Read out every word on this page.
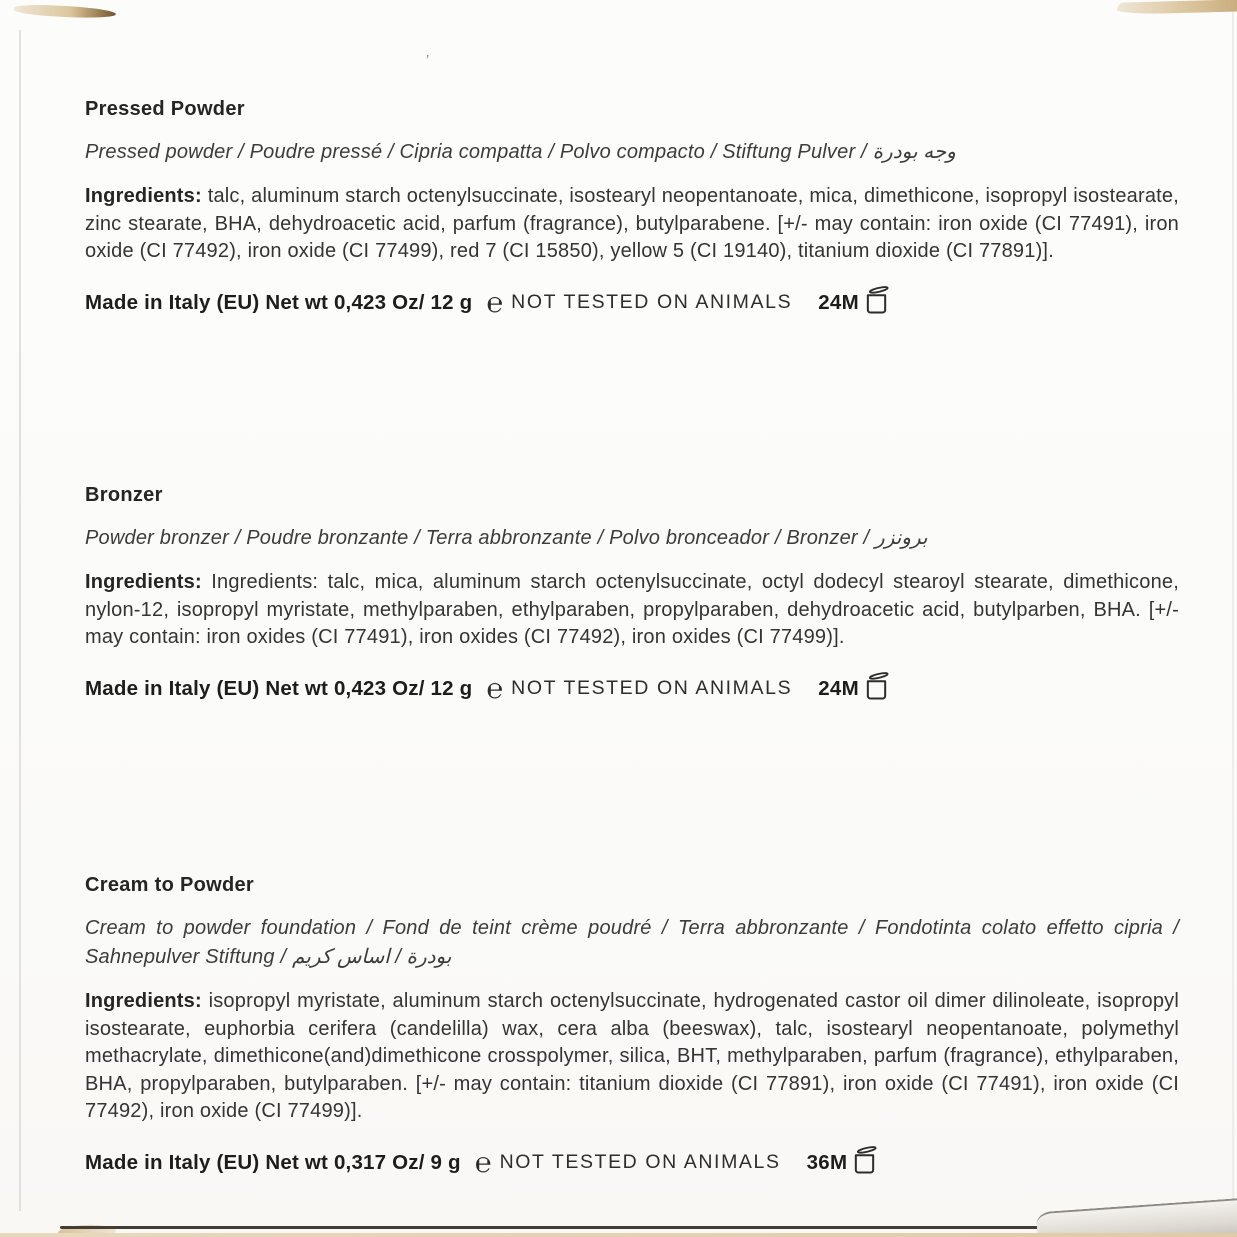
’
Pressed Powder

Pressed powder / Poudre pressé / Cipria compatta / Polvo compacto / Stiftung Pulver / بودرة‎ وجه

Ingredients: talc, aluminum starch octenylsuccinate, isostearyl neopentanoate, mica, dimethicone, isopropyl isostearate, zinc stearate, BHA, dehydroacetic acid, parfum (fragrance), butylparabene. [+/- may contain: iron oxide (CI 77491), iron oxide (CI 77492), iron oxide (CI 77499), red 7 (CI 15850), yellow 5 (CI 19140), titanium dioxide (CI 77891)].

Made in Italy (EU) Net wt 0,423 Oz/ 12 g ℮ NOT TESTED ON ANIMALS 24M

Bronzer

Powder bronzer / Poudre bronzante / Terra abbronzante / Polvo bronceador / Bronzer / برونزر

Ingredients: Ingredients: talc, mica, aluminum starch octenylsuccinate, octyl dodecyl stearoyl stearate, dimethicone, nylon-12, isopropyl myristate, methylparaben, ethylparaben, propylparaben, dehydroacetic acid, butylparben, BHA. [+/- may contain: iron oxides (CI 77491), iron oxides (CI 77492), iron oxides (CI 77499)].

Made in Italy (EU) Net wt 0,423 Oz/ 12 g ℮ NOT TESTED ON ANIMALS 24M

Cream to Powder

Cream to powder foundation / Fond de teint crème poudré / Terra abbronzante / Fondotinta colato effetto cipria / Sahnepulver Stiftung / كريم‎ اساس‎ / بودرة

Ingredients: isopropyl myristate, aluminum starch octenylsuccinate, hydrogenated castor oil dimer dilinoleate, isopropyl isostearate, euphorbia cerifera (candelilla) wax, cera alba (beeswax), talc, isostearyl neopentanoate, polymethyl methacrylate, dimethicone(and)dimethicone crosspolymer, silica, BHT, methylparaben, parfum (fragrance), ethylparaben, BHA, propylparaben, butylparaben. [+/- may contain: titanium dioxide (CI 77891), iron oxide (CI 77491), iron oxide (CI 77492), iron oxide (CI 77499)].

Made in Italy (EU) Net wt 0,317 Oz/ 9 g ℮ NOT TESTED ON ANIMALS 36M
